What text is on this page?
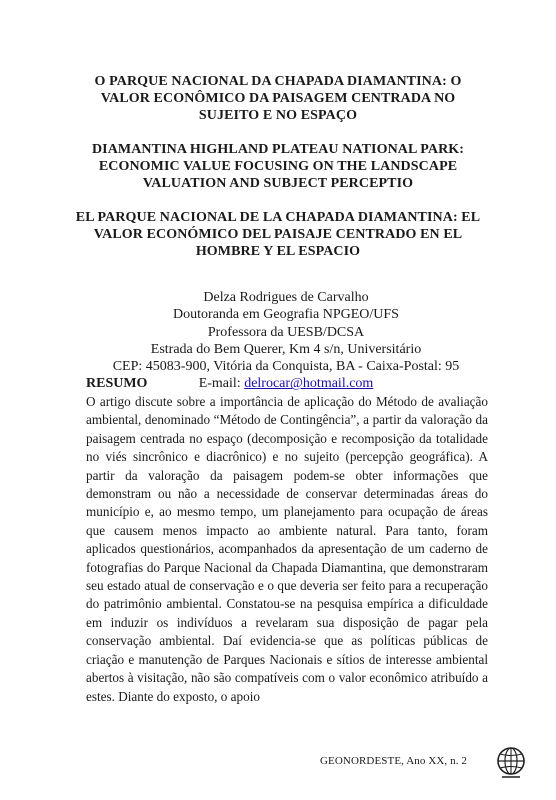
O PARQUE NACIONAL DA CHAPADA DIAMANTINA: O VALOR ECONÔMICO DA PAISAGEM CENTRADA NO SUJEITO E NO ESPAÇO
DIAMANTINA HIGHLAND PLATEAU NATIONAL PARK: ECONOMIC VALUE FOCUSING ON THE LANDSCAPE VALUATION AND SUBJECT PERCEPTIO
EL PARQUE NACIONAL DE LA CHAPADA DIAMANTINA: EL VALOR ECONÓMICO DEL PAISAJE CENTRADO EN EL HOMBRE Y EL ESPACIO
Delza Rodrigues de Carvalho
Doutoranda em Geografia NPGEO/UFS
Professora da UESB/DCSA
Estrada do Bem Querer, Km 4 s/n, Universitário
CEP: 45083-900, Vitória da Conquista, BA - Caixa-Postal: 95
E-mail: delrocar@hotmail.com
RESUMO
O artigo discute sobre a importância de aplicação do Método de avaliação ambiental, denominado “Método de Contingência”, a partir da valoração da paisagem centrada no espaço (decomposição e recomposição da totalidade no viés sincrônico e diacrônico) e no sujeito (percepção geográfica). A partir da valoração da paisagem podem-se obter informações que demonstram ou não a necessidade de conservar determinadas áreas do município e, ao mesmo tempo, um planejamento para ocupação de áreas que causem menos impacto ao ambiente natural. Para tanto, foram aplicados questionários, acompanhados da apresentação de um caderno de fotografias do Parque Nacional da Chapada Diamantina, que demonstraram seu estado atual de conservação e o que deveria ser feito para a recuperação do patrimônio ambiental. Constatou-se na pesquisa empírica a dificuldade em induzir os indivíduos a revelaram sua disposição de pagar pela conservação ambiental. Daí evidencia-se que as políticas públicas de criação e manutenção de Parques Nacionais e sítios de interesse ambiental abertos à visitação, não são compatíveis com o valor econômico atribuído a estes. Diante do exposto, o apoio
GEONORDESTE, Ano XX, n. 2
